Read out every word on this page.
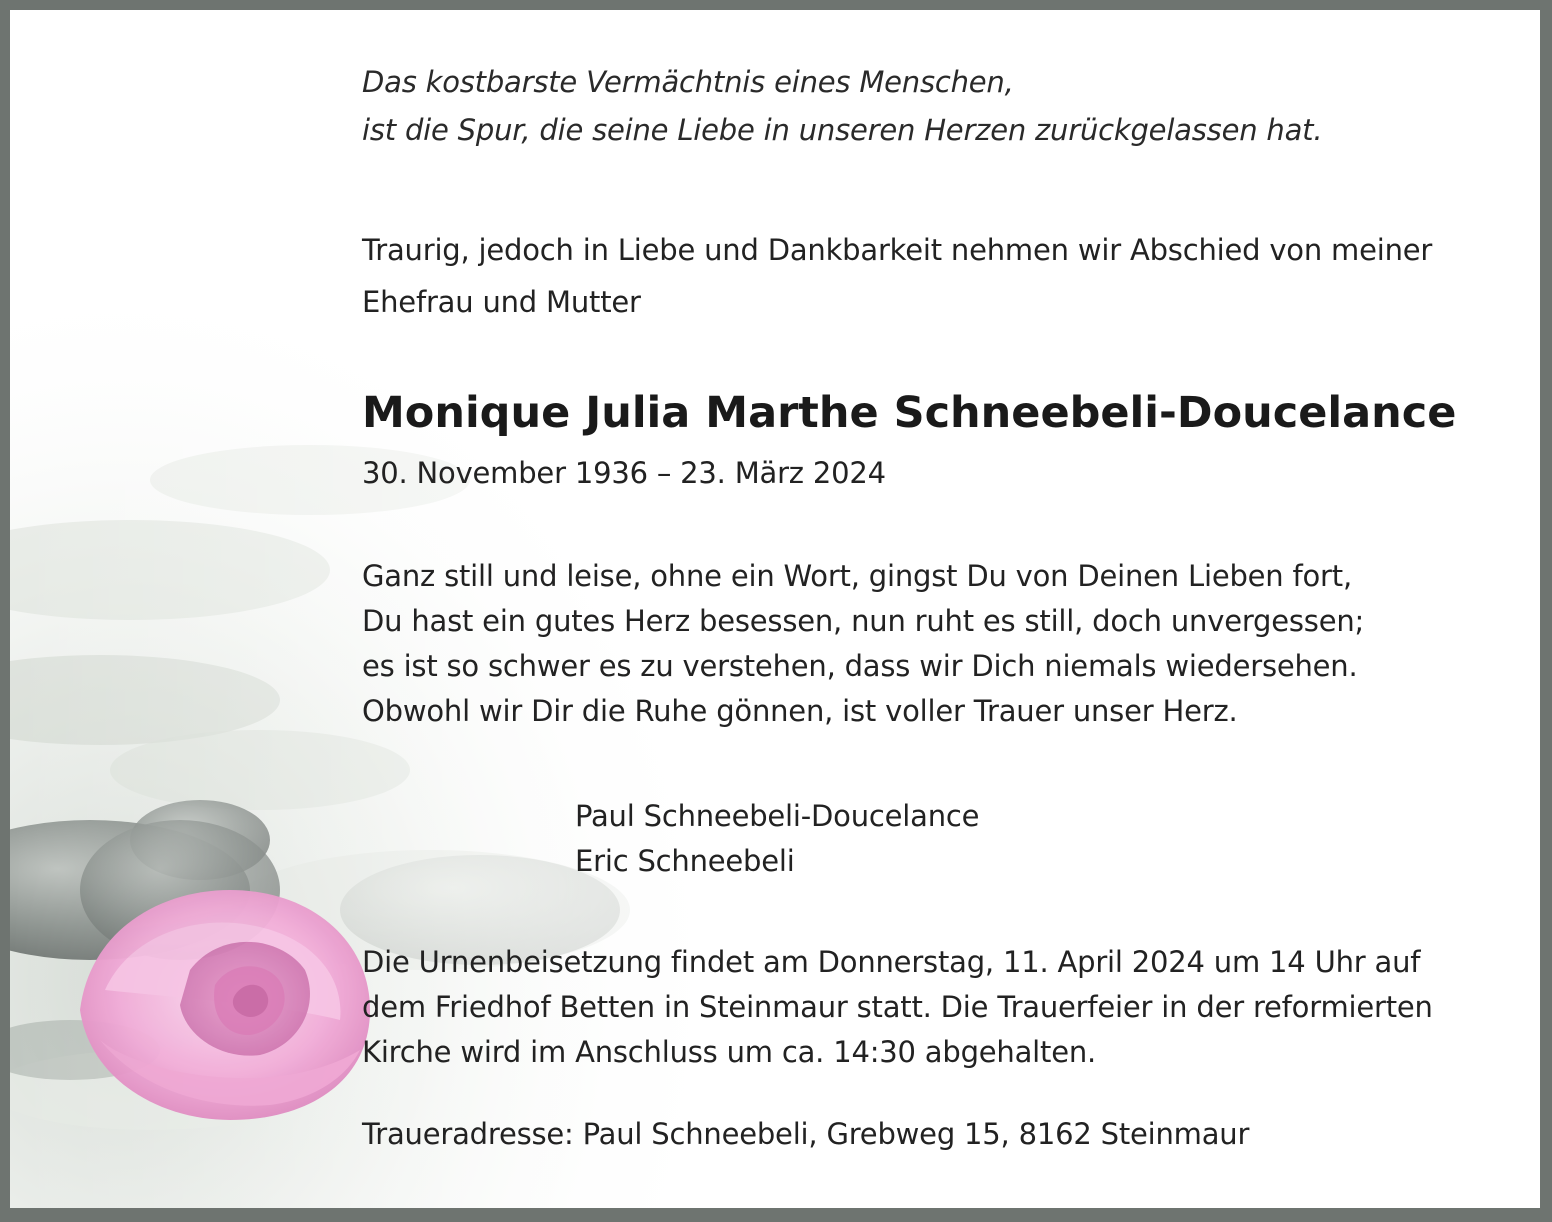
Das kostbarste Vermächtnis eines Menschen,
ist die Spur, die seine Liebe in unseren Herzen zurückgelassen hat.

Traurig, jedoch in Liebe und Dankbarkeit nehmen wir Abschied von meiner
Ehefrau und Mutter

Monique Julia Marthe Schneebeli-Doucelance

30. November 1936 – 23. März 2024

Ganz still und leise, ohne ein Wort, gingst Du von Deinen Lieben fort,
Du hast ein gutes Herz besessen, nun ruht es still, doch unvergessen;
es ist so schwer es zu verstehen, dass wir Dich niemals wiedersehen.
Obwohl wir Dir die Ruhe gönnen, ist voller Trauer unser Herz.

Paul Schneebeli-Doucelance
Eric Schneebeli

Die Urnenbeisetzung findet am Donnerstag, 11. April 2024 um 14 Uhr auf
dem Friedhof Betten in Steinmaur statt. Die Trauerfeier in der reformierten
Kirche wird im Anschluss um ca. 14:30 abgehalten.

Traueradresse: Paul Schneebeli, Grebweg 15, 8162 Steinmaur
